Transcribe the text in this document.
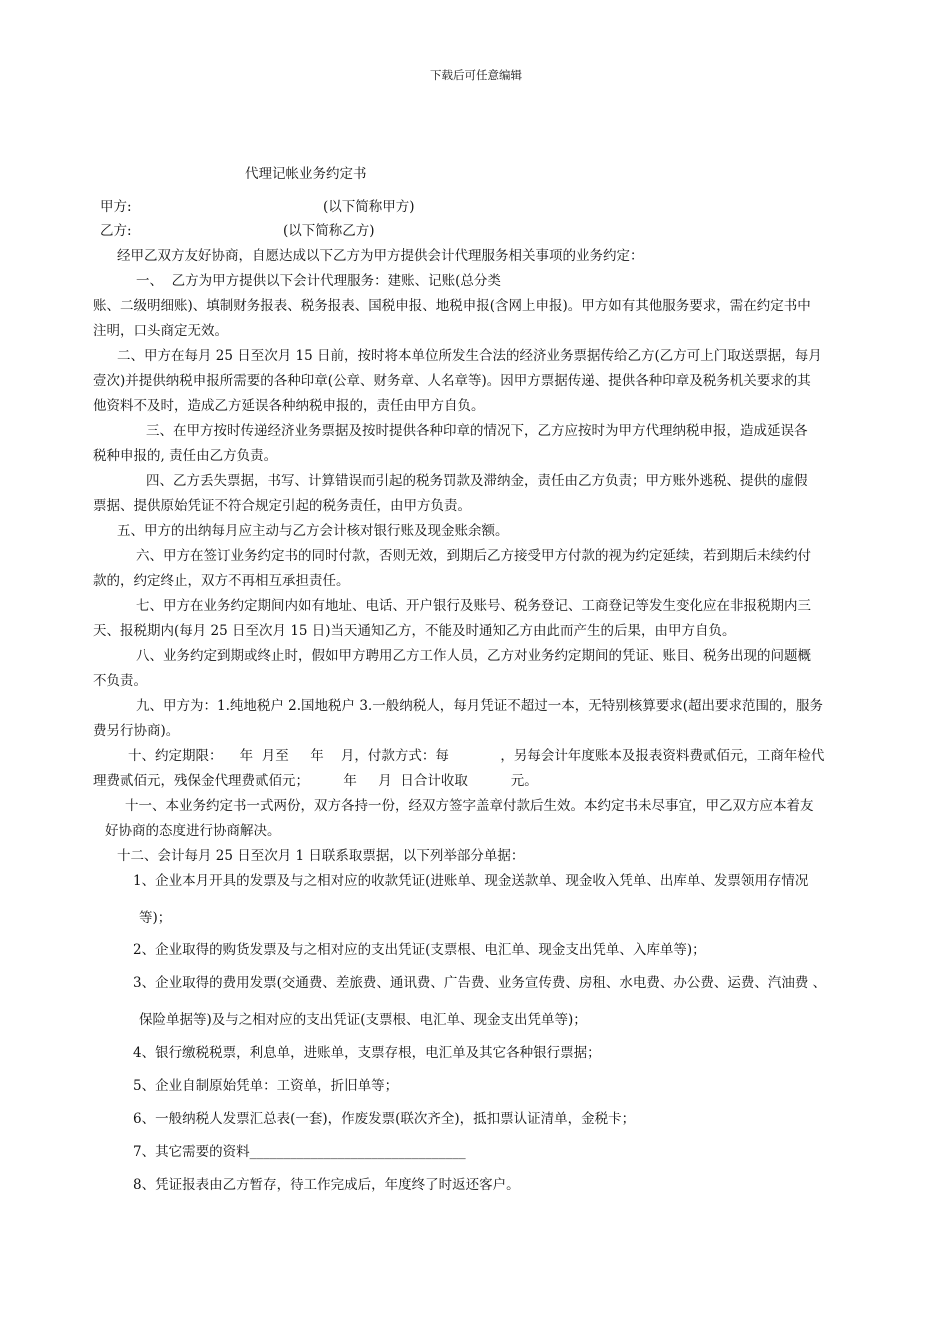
下载后可任意编辑
代理记帐业务约定书
甲方:	(以下简称甲方)
乙方:	(以下简称乙方)
经甲乙双方友好协商，自愿达成以下乙方为甲方提供会计代理服务相关事项的业务约定：
一、  乙方为甲方提供以下会计代理服务：建账、记账(总分类
账、二级明细账)、填制财务报表、税务报表、国税申报、地税申报(含网上申报)。甲方如有其他服务要求，需在约定书中
注明，口头商定无效。
二、甲方在每月 25 日至次月 15 日前，按时将本单位所发生合法的经济业务票据传给乙方(乙方可上门取送票据，每月
壹次)并提供纳税申报所需要的各种印章(公章、财务章、人名章等)。因甲方票据传递、提供各种印章及税务机关要求的其
他资料不及时，造成乙方延误各种纳税申报的，责任由甲方自负。
三、在甲方按时传递经济业务票据及按时提供各种印章的情况下，乙方应按时为甲方代理纳税申报，造成延误各
税种申报的, 责任由乙方负责。
四、乙方丢失票据，书写、计算错误而引起的税务罚款及滞纳金，责任由乙方负责；甲方账外逃税、提供的虚假
票据、提供原始凭证不符合规定引起的税务责任，由甲方负责。
五、甲方的出纳每月应主动与乙方会计核对银行账及现金账余额。
六、甲方在签订业务约定书的同时付款，否则无效，到期后乙方接受甲方付款的视为约定延续，若到期后未续约付
款的，约定终止，双方不再相互承担责任。
七、甲方在业务约定期间内如有地址、电话、开户银行及账号、税务登记、工商登记等发生变化应在非报税期内三
天、报税期内(每月 25 日至次月 15 日)当天通知乙方，不能及时通知乙方由此而产生的后果，由甲方自负。
八、业务约定到期或终止时，假如甲方聘用乙方工作人员，乙方对业务约定期间的凭证、账目、税务出现的问题概
不负责。
九、甲方为：1.纯地税户 2.国地税户 3.一般纳税人，每月凭证不超过一本，无特别核算要求(超出要求范围的，服务
费另行协商)。
十、约定期限：    年  月至     年    月，付款方式：每            ，另每会计年度账本及报表资料费贰佰元，工商年检代
理费贰佰元，残保金代理费贰佰元；        年     月  日合计收取          元。
十一、本业务约定书一式两份，双方各持一份，经双方签字盖章付款后生效。本约定书未尽事宜，甲乙双方应本着友
好协商的态度进行协商解决。
十二、会计每月 25 日至次月 1 日联系取票据，以下列举部分单据：
1、企业本月开具的发票及与之相对应的收款凭证(进账单、现金送款单、现金收入凭单、出库单、发票领用存情况
等)；
2、企业取得的购货发票及与之相对应的支出凭证(支票根、电汇单、现金支出凭单、入库单等)；
3、企业取得的费用发票(交通费、差旅费、通讯费、广告费、业务宣传费、房租、水电费、办公费、运费、汽油费 、
保险单据等)及与之相对应的支出凭证(支票根、电汇单、现金支出凭单等)；
4、银行缴税税票，利息单，进账单，支票存根，电汇单及其它各种银行票据；
5、企业自制原始凭单：工资单，折旧单等；
6、一般纳税人发票汇总表(一套)，作废发票(联次齐全)，抵扣票认证清单，金税卡；
7、其它需要的资料________________________________
8、凭证报表由乙方暂存，待工作完成后，年度终了时返还客户。
